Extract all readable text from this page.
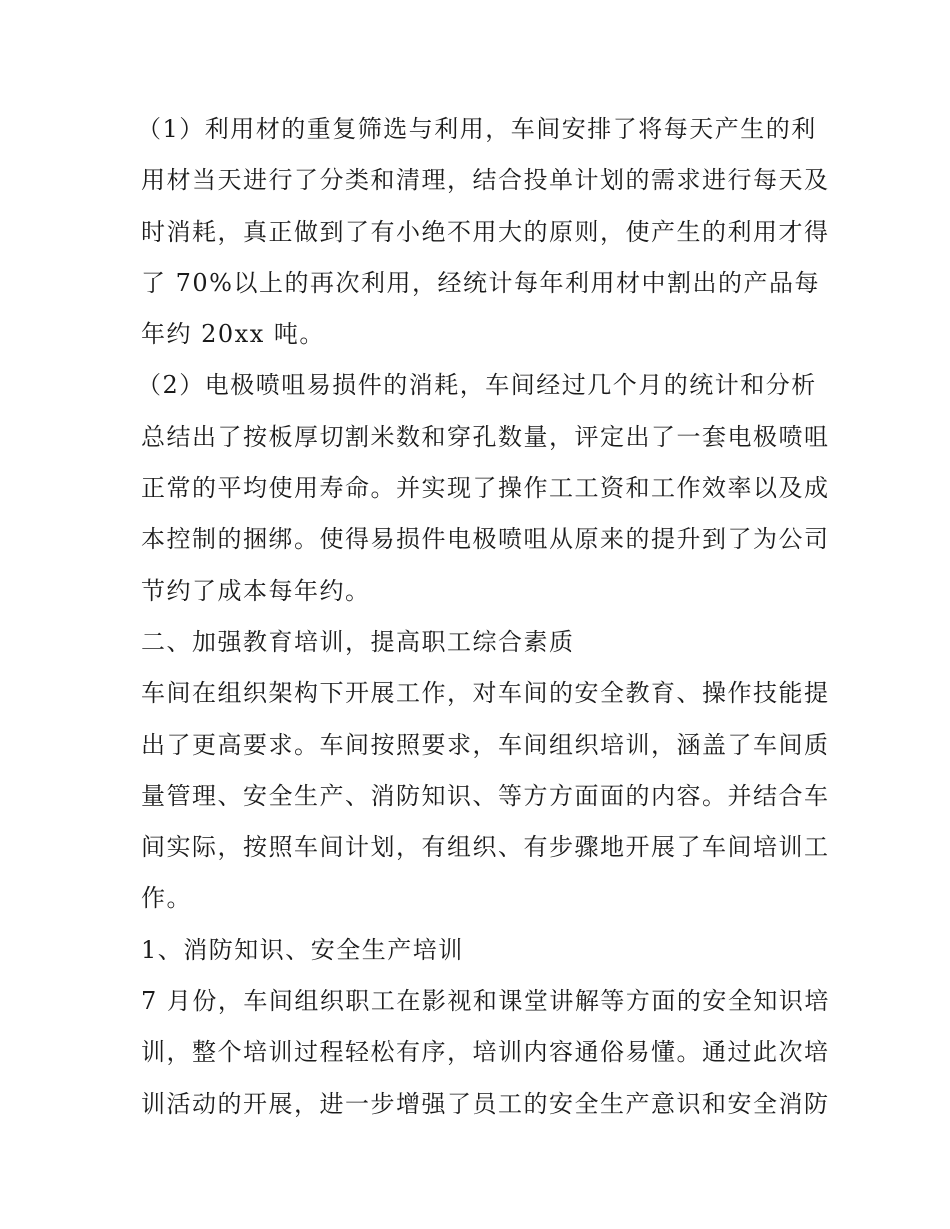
（1）利用材的重复筛选与利用，车间安排了将每天产生的利
用材当天进行了分类和清理，结合投单计划的需求进行每天及
时消耗，真正做到了有小绝不用大的原则，使产生的利用才得
了 70%以上的再次利用，经统计每年利用材中割出的产品每
年约 20xx 吨。
（2）电极喷咀易损件的消耗，车间经过几个月的统计和分析
总结出了按板厚切割米数和穿孔数量，评定出了一套电极喷咀
正常的平均使用寿命。并实现了操作工工资和工作效率以及成
本控制的捆绑。使得易损件电极喷咀从原来的提升到了为公司
节约了成本每年约。
二、加强教育培训，提高职工综合素质
车间在组织架构下开展工作，对车间的安全教育、操作技能提
出了更高要求。车间按照要求，车间组织培训，涵盖了车间质
量管理、安全生产、消防知识、等方方面面的内容。并结合车
间实际，按照车间计划，有组织、有步骤地开展了车间培训工
作。
1、消防知识、安全生产培训
7 月份，车间组织职工在影视和课堂讲解等方面的安全知识培
训，整个培训过程轻松有序，培训内容通俗易懂。通过此次培
训活动的开展，进一步增强了员工的安全生产意识和安全消防
